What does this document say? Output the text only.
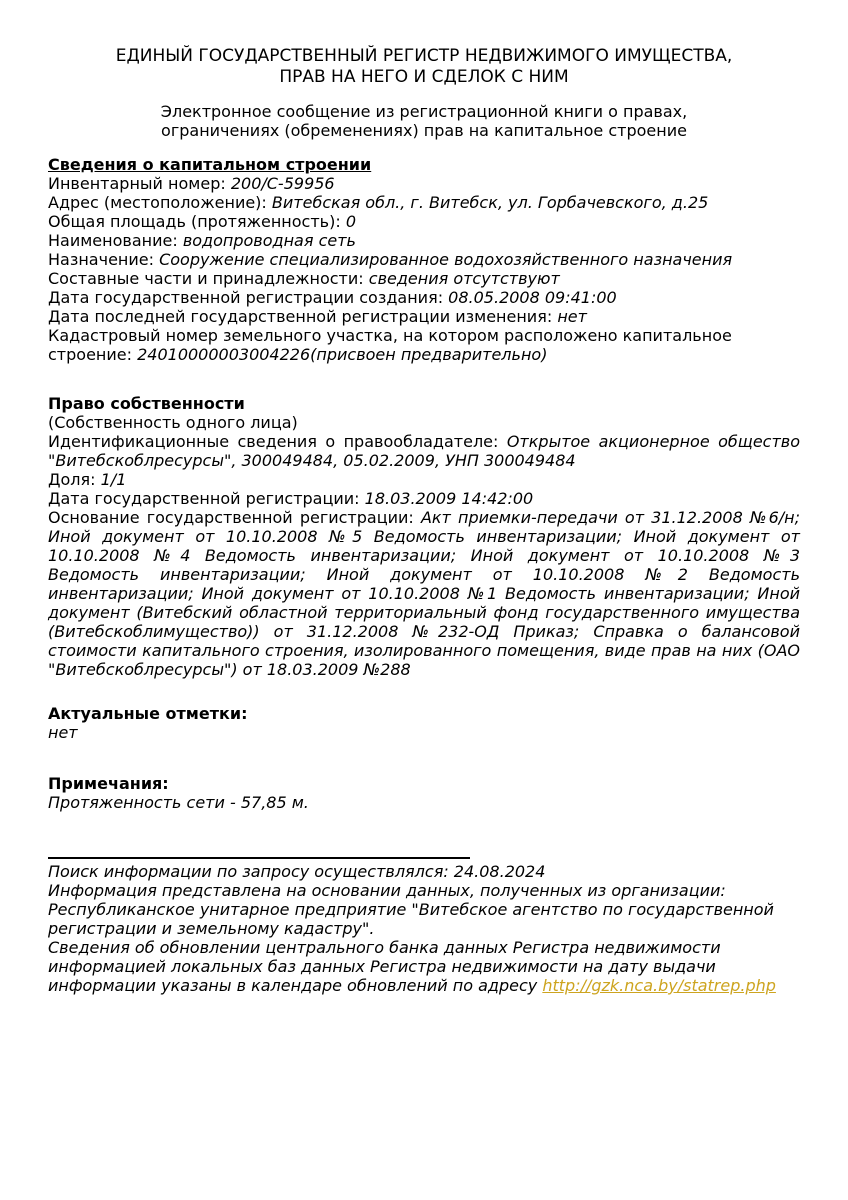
ЕДИНЫЙ ГОСУДАРСТВЕННЫЙ РЕГИСТР НЕДВИЖИМОГО ИМУЩЕСТВА,
ПРАВ НА НЕГО И СДЕЛОК С НИМ
Электронное сообщение из регистрационной книги о правах,
ограничениях (обременениях) прав на капитальное строение
Сведения о капитальном строении
Инвентарный номер: 200/С-59956
Адрес (местоположение): Витебская обл., г. Витебск, ул. Горбачевского, д.25
Общая площадь (протяженность): 0
Наименование: водопроводная сеть
Назначение: Сооружение специализированное водохозяйственного назначения
Составные части и принадлежности: сведения отсутствуют
Дата государственной регистрации создания: 08.05.2008 09:41:00
Дата последней государственной регистрации изменения: нет
Кадастровый номер земельного участка, на котором расположено капитальное строение: 24010000003004226(присвоен предварительно)
Право собственности

(Собственность одного лица)

Идентификационные сведения о правообладателе: Открытое акционерное общество "Витебскоблресурсы", 300049484, 05.02.2009, УНП 300049484

Доля: 1/1

Дата государственной регистрации: 18.03.2009 14:42:00

Основание государственной регистрации: Акт приемки-передачи от 31.12.2008 №6/н; Иной документ от 10.10.2008 №5 Ведомость инвентаризации; Иной документ от 10.10.2008 №4 Ведомость инвентаризации; Иной документ от 10.10.2008 №3 Ведомость инвентаризации; Иной документ от 10.10.2008 №2 Ведомость инвентаризации; Иной документ от 10.10.2008 №1 Ведомость инвентаризации; Иной документ (Витебский областной территориальный фонд государственного имущества (Витебскоблимущество)) от 31.12.2008 №232-ОД Приказ; Справка о балансовой стоимости капитального строения, изолированного помещения, виде прав на них (ОАО "Витебскоблресурсы") от 18.03.2009 №288

Актуальные отметки:

нет

Примечания:

Протяженность сети - 57,85 м.

Поиск информации по запросу осуществлялся: 24.08.2024

Информация представлена на основании данных, полученных из организации:

Республиканское унитарное предприятие "Витебское агентство по государственной регистрации и земельному кадастру".

Сведения об обновлении центрального банка данных Регистра недвижимости информацией локальных баз данных Регистра недвижимости на дату выдачи информации указаны в календаре обновлений по адресу http://gzk.nca.by/statrep.php
